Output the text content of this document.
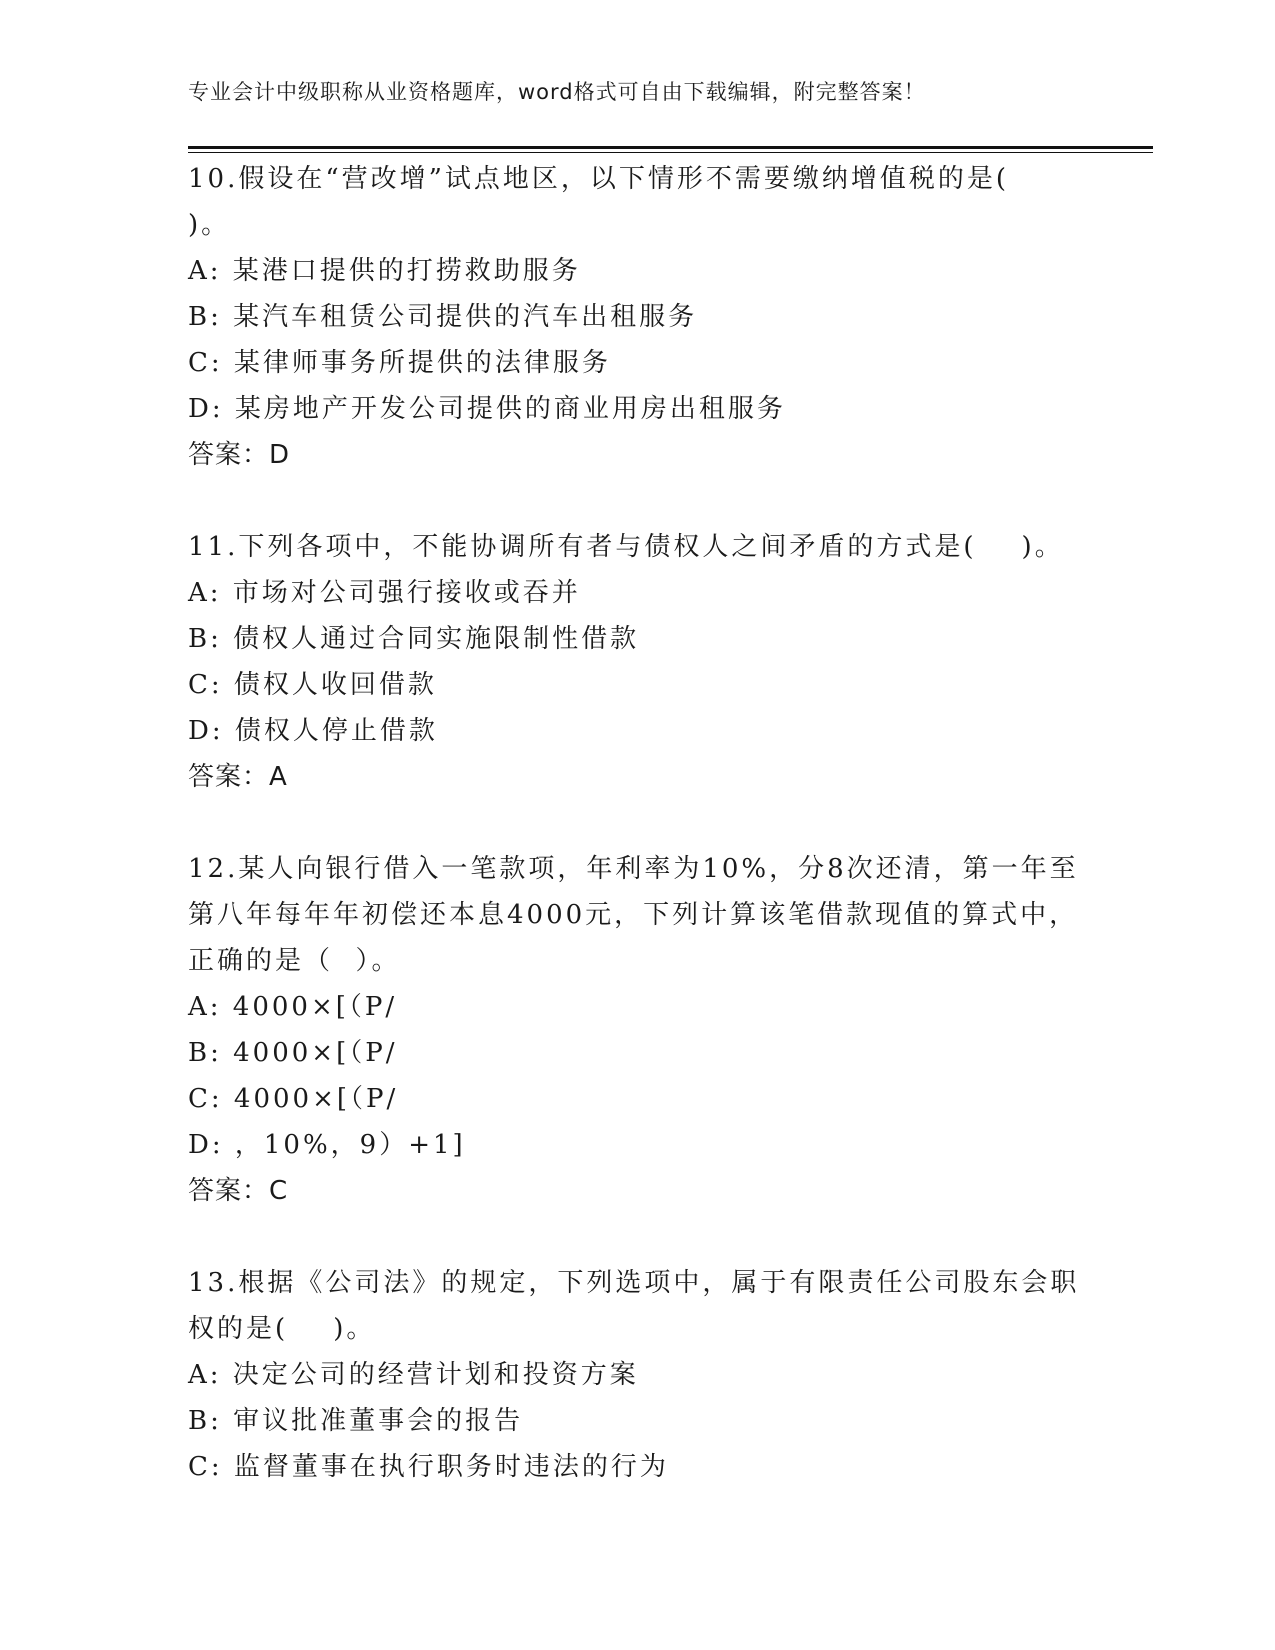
专业会计中级职称从业资格题库，word格式可自由下载编辑，附完整答案！
10.假设在“营改增”试点地区，以下情形不需要缴纳增值税的是(
)。
A: 某港口提供的打捞救助服务
B: 某汽车租赁公司提供的汽车出租服务
C: 某律师事务所提供的法律服务
D: 某房地产开发公司提供的商业用房出租服务
答案：D
11.下列各项中，不能协调所有者与债权人之间矛盾的方式是(    )。
A: 市场对公司强行接收或吞并
B: 债权人通过合同实施限制性借款
C: 债权人收回借款
D: 债权人停止借款
答案：A
12.某人向银行借入一笔款项，年利率为10%，分8次还清，第一年至
第八年每年年初偿还本息4000元，下列计算该笔借款现值的算式中，
正确的是（  ）。
A: 4000×[（P/
B: 4000×[（P/
C: 4000×[（P/
D: ，10%，9）+1]
答案：C
13.根据《公司法》的规定，下列选项中，属于有限责任公司股东会职
权的是(    )。
A: 决定公司的经营计划和投资方案
B: 审议批准董事会的报告
C: 监督董事在执行职务时违法的行为
